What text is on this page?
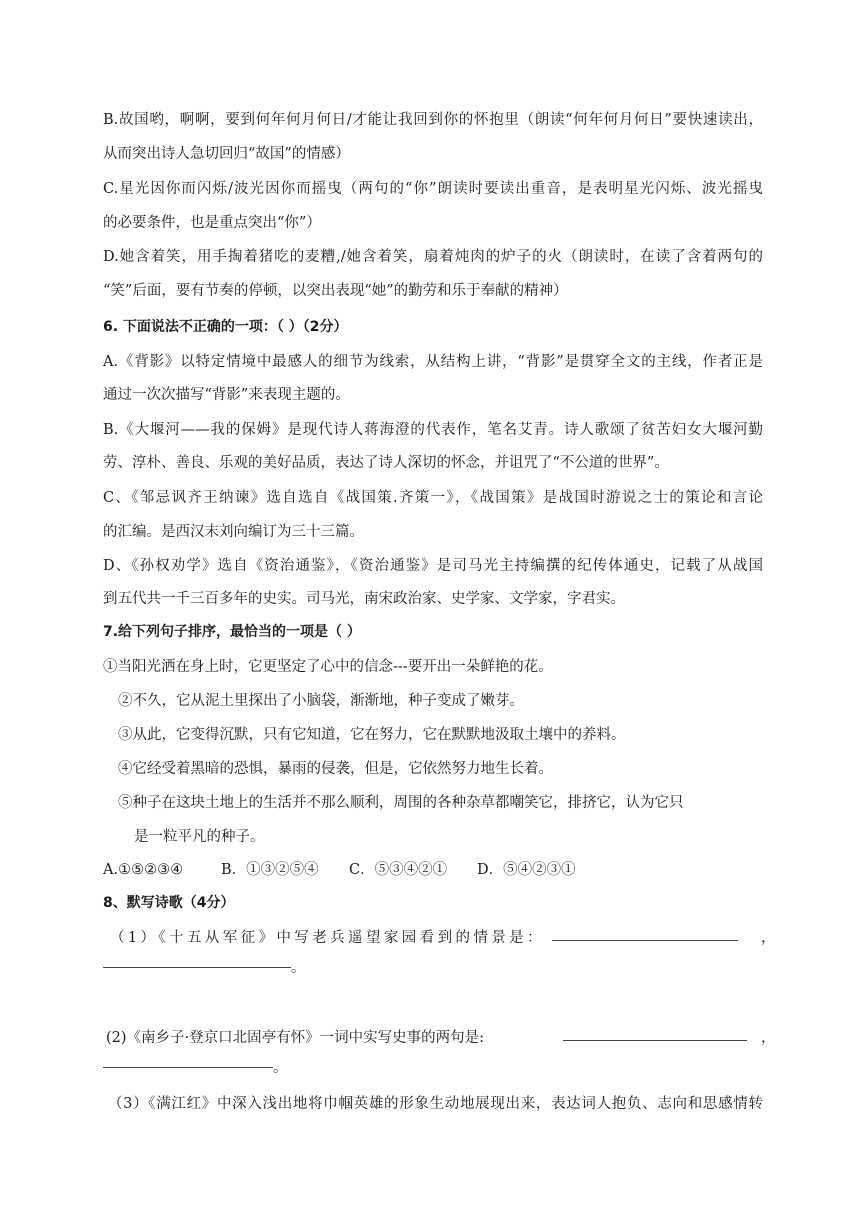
B.故国哟，啊啊，要到何年何月何日/才能让我回到你的怀抱里（朗读“何年何月何日”要快速读出，
从而突出诗人急切回归“故国”的情感）
C.星光因你而闪烁/波光因你而摇曳（两句的“你”朗读时要读出重音，是表明星光闪烁、波光摇曳
的必要条件，也是重点突出“你”）
D.她含着笑，用手掏着猪吃的麦糟,/她含着笑，扇着炖肉的炉子的火（朗读时，在读了含着两句的
“笑”后面，要有节奏的停顿，以突出表现“她”的勤劳和乐于奉献的精神）
6. 下面说法不正确的一项：（ ）（2分）
A.《背影》以特定情境中最感人的细节为线索，从结构上讲，“背影”是贯穿全文的主线，作者正是
通过一次次描写“背影”来表现主题的。
B.《大堰河——我的保姆》是现代诗人蒋海澄的代表作，笔名艾青。诗人歌颂了贫苦妇女大堰河勤
劳、淳朴、善良、乐观的美好品质，表达了诗人深切的怀念，并诅咒了“不公道的世界”。
C、《邹忌讽齐王纳谏》选自选自《战国策.齐策一》，《战国策》是战国时游说之士的策论和言论
的汇编。是西汉末刘向编订为三十三篇。
D、《孙权劝学》选自《资治通鉴》，《资治通鉴》是司马光主持编撰的纪传体通史，记载了从战国
到五代共一千三百多年的史实。司马光，南宋政治家、史学家、文学家，字君实。
7.给下列句子排序，最恰当的一项是（ ）
①当阳光洒在身上时，它更坚定了心中的信念---要开出一朵鲜艳的花。
②不久，它从泥土里探出了小脑袋，渐渐地，种子变成了嫩芽。
③从此，它变得沉默，只有它知道，它在努力，它在默默地汲取土壤中的养料。
④它经受着黑暗的恐惧，暴雨的侵袭，但是，它依然努力地生长着。
⑤种子在这块土地上的生活并不那么顺利，周围的各种杂草都嘲笑它，排挤它，认为它只
是一粒平凡的种子。
A.①⑤②③④	B．①③②⑤④ C．⑤③④②① D．⑤④②③①
8、默写诗歌（4分）
（1）《十五从军征》中写老兵遥望家园看到的情景是：	，
。
(2)《南乡子·登京口北固亭有怀》一词中实写史事的两句是:	，
。
（3）《满江红》中深入浅出地将巾帼英雄的形象生动地展现出来，表达词人抱负、志向和思感情转
